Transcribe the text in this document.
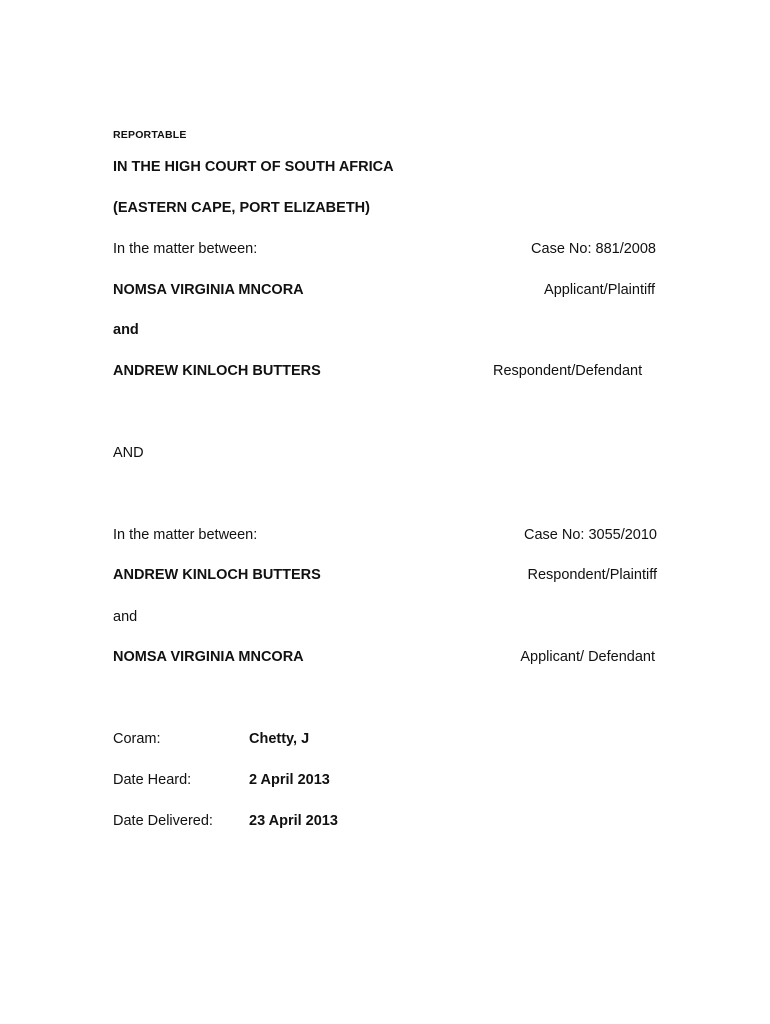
REPORTABLE
IN THE HIGH COURT OF SOUTH AFRICA
(EASTERN CAPE, PORT ELIZABETH)
In the matter between:	Case No: 881/2008
NOMSA VIRGINIA MNCORA	Applicant/Plaintiff
and
ANDREW KINLOCH BUTTERS	Respondent/Defendant
AND
In the matter between:	Case No: 3055/2010
ANDREW KINLOCH BUTTERS	Respondent/Plaintiff
and
NOMSA VIRGINIA MNCORA	Applicant/ Defendant
Coram:	Chetty, J
Date Heard:	2 April 2013
Date Delivered: 23 April 2013
